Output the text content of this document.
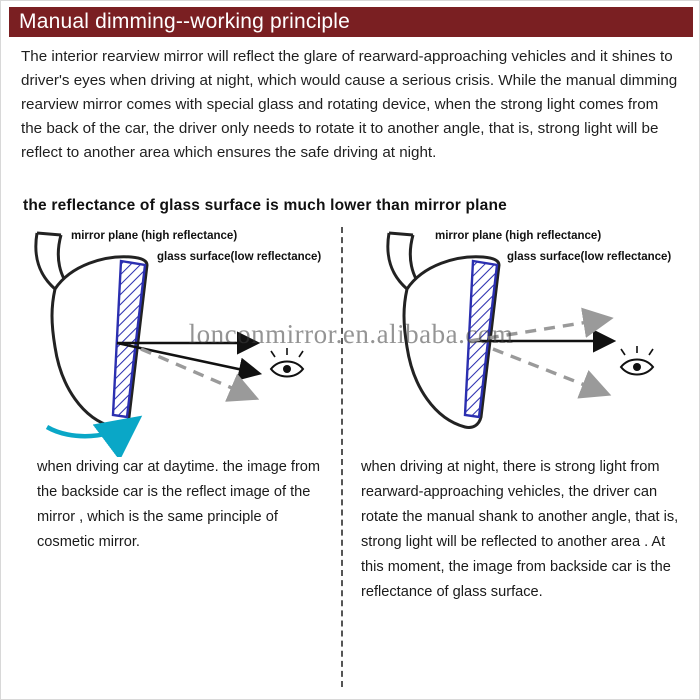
Manual dimming--working principle
The interior rearview mirror will reflect the glare of rearward-approaching vehicles and it shines to driver's eyes when driving at night, which would cause a serious crisis. While the manual dimming rearview mirror comes with special glass and rotating device, when the strong light comes from the back of the car, the driver only needs to rotate it to another angle, that is, strong light will be reflect to another area which ensures the safe driving at night.
the reflectance of glass surface is much lower than mirror plane
mirror plane (high reflectance)
glass surface(low reflectance)
when driving car at daytime. the image from the backside car is the reflect image of the mirror , which is the same principle of cosmetic mirror.
mirror plane (high reflectance)
glass surface(low reflectance)
when driving at night, there is strong light from rearward-approaching vehicles, the driver can rotate the manual shank to another angle, that is, strong light will be reflected to another area . At this moment, the image from backside car is the reflectance of glass surface.
lonconmirror.en.alibaba.com
